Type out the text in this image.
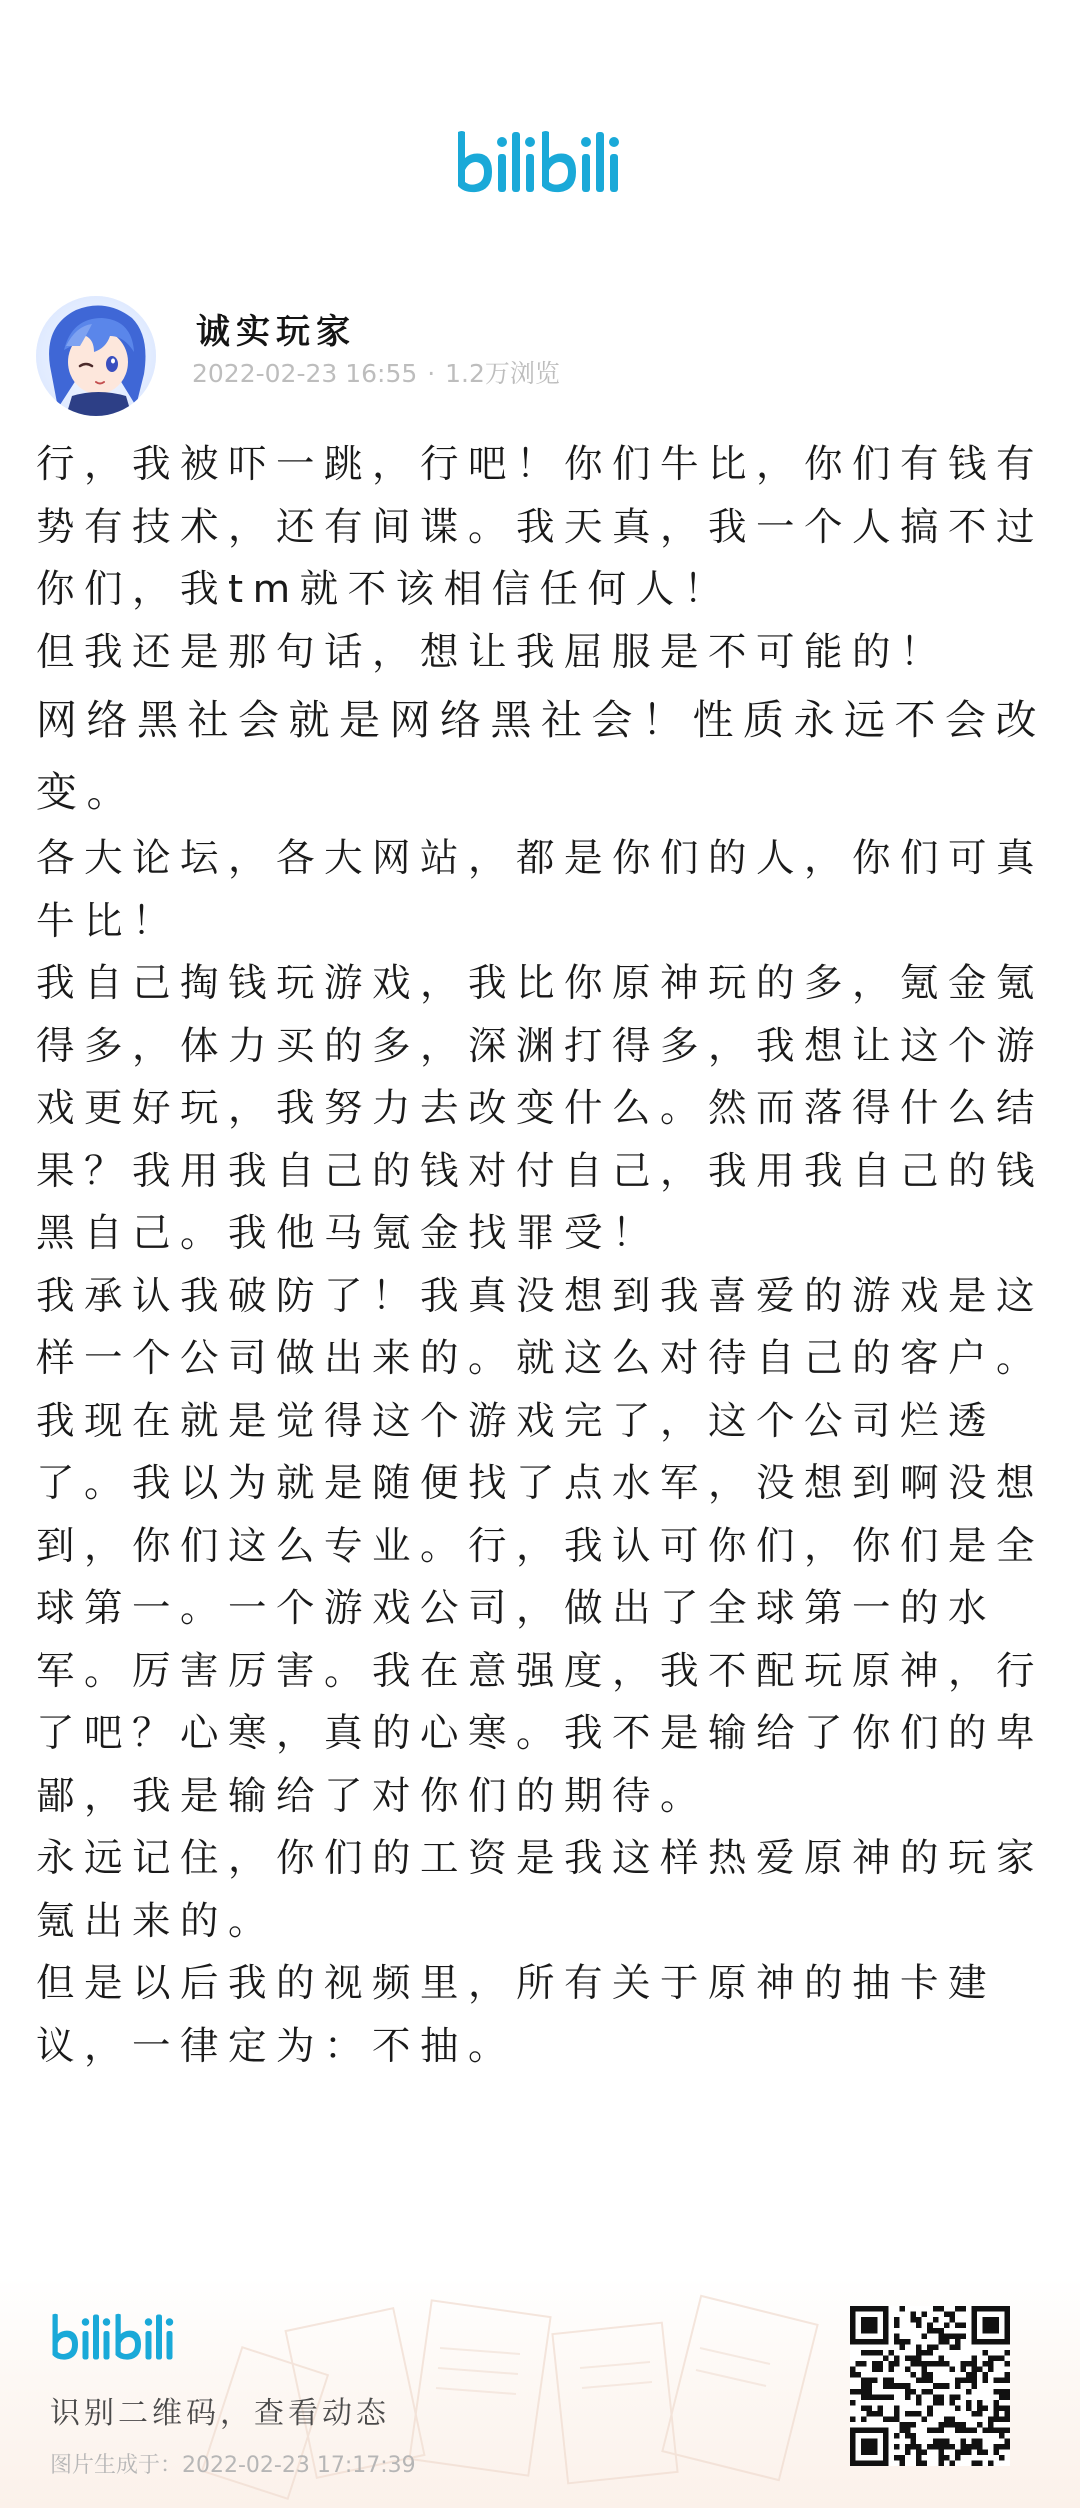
诚实玩家
2022-02-23 16:55 · 1.2万浏览

行，我被吓一跳，行吧！你们牛比，你们有钱有势有技术，还有间谍。我天真，我一个人搞不过你们，我tm就不该相信任何人！

但我还是那句话，想让我屈服是不可能的！

网络黑社会就是网络黑社会！性质永远不会改变。

各大论坛，各大网站，都是你们的人，你们可真牛比！

我自己掏钱玩游戏，我比你原神玩的多，氪金氪得多，体力买的多，深渊打得多，我想让这个游戏更好玩，我努力去改变什么。然而落得什么结果？我用我自己的钱对付自己，我用我自己的钱黑自己。我他马氪金找罪受！

我承认我破防了！我真没想到我喜爱的游戏是这样一个公司做出来的。就这么对待自己的客户。

我现在就是觉得这个游戏完了，这个公司烂透了。我以为就是随便找了点水军，没想到啊没想到，你们这么专业。行，我认可你们，你们是全球第一。一个游戏公司，做出了全球第一的水军。厉害厉害。我在意强度，我不配玩原神，行了吧？心寒，真的心寒。我不是输给了你们的卑鄙，我是输给了对你们的期待。

永远记住，你们的工资是我这样热爱原神的玩家氪出来的。

但是以后我的视频里，所有关于原神的抽卡建议，一律定为：不抽。

识别二维码，查看动态
图片生成于：2022-02-23 17:17:39
